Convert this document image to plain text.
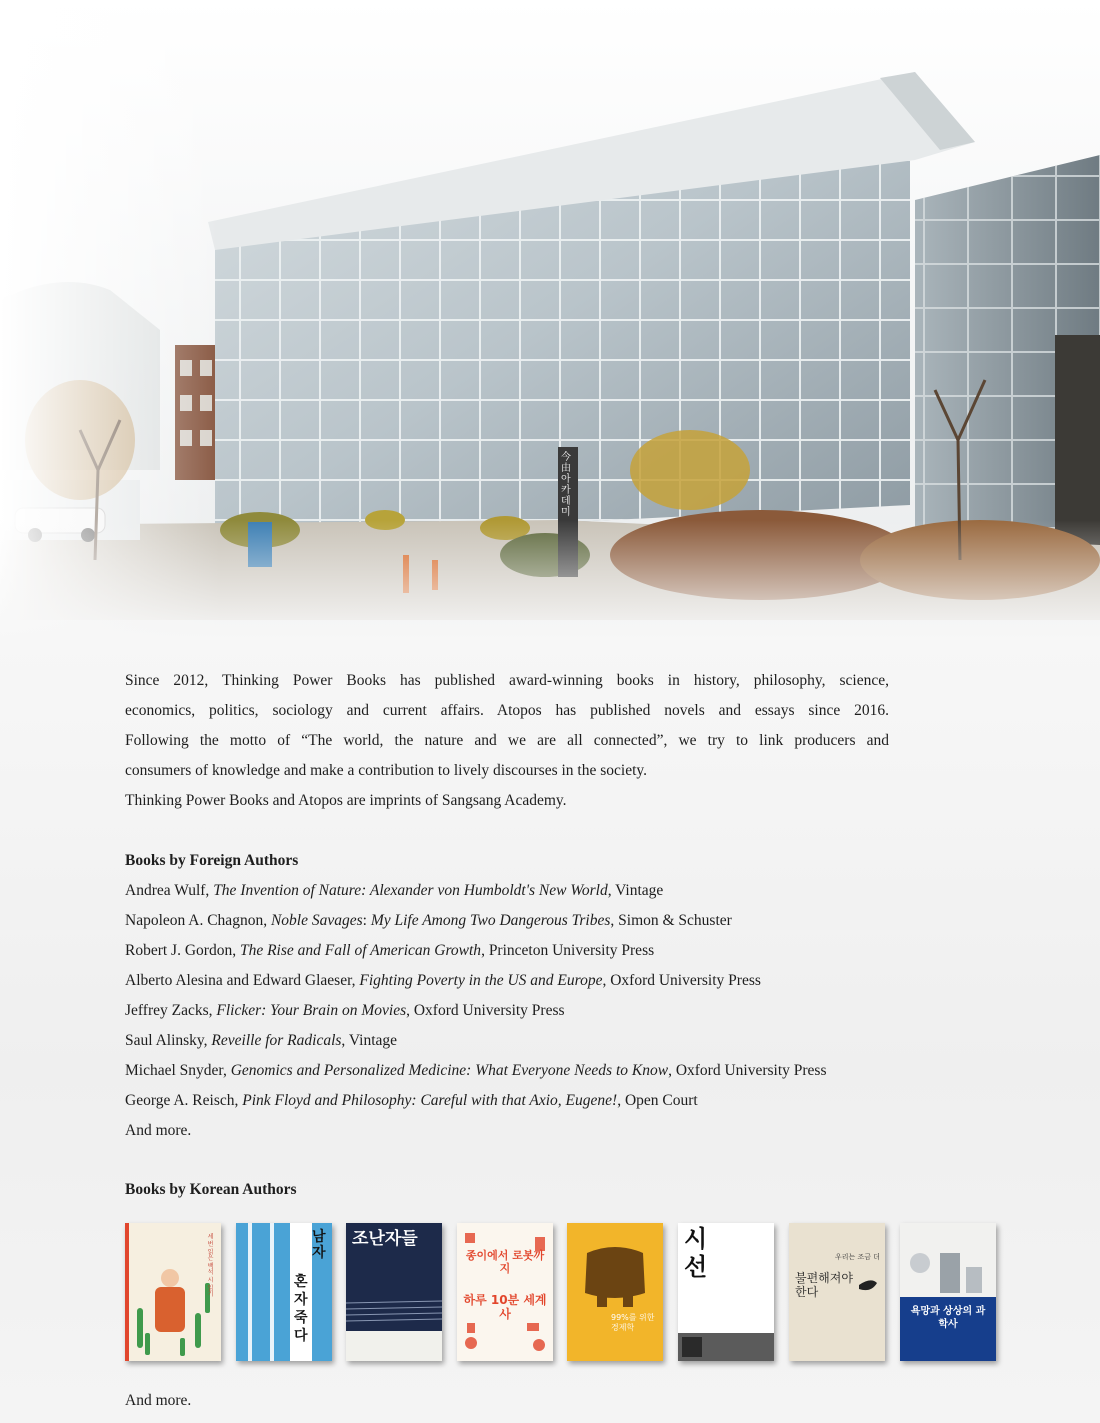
今由아카데미

Since 2012, Thinking Power Books has published award-winning books in history, philosophy, science,

economics, politics, sociology and current affairs. Atopos has published novels and essays since 2016.

Following the motto of “The world, the nature and we are all connected”, we try to link producers and

consumers of knowledge and make a contribution to lively discourses in the society.

Thinking Power Books and Atopos are imprints of Sangsang Academy.

Books by Foreign Authors
Andrea Wulf, The Invention of Nature: Alexander von Humboldt's New World, Vintage
Napoleon A. Chagnon, Noble Savages: My Life Among Two Dangerous Tribes, Simon & Schuster
Robert J. Gordon, The Rise and Fall of American Growth, Princeton University Press
Alberto Alesina and Edward Glaeser, Fighting Poverty in the US and Europe, Oxford University Press
Jeffrey Zacks, Flicker: Your Brain on Movies, Oxford University Press
Saul Alinsky, Reveille for Radicals, Vintage
Michael Snyder, Genomics and Personalized Medicine: What Everyone Needs to Know, Oxford University Press
George A. Reisch, Pink Floyd and Philosophy: Careful with that Axio, Eugene!, Open Court

And more.

Books by Korean Authors
세 번 읽은 백석 시 읽기	남자
혼자 죽다
조난자들
종이에서 로봇까지
하루 10분 세계사	99%를 위한 경제학
시 선	우리는 조금 더
불편해져야 한다
욕망과 상상의 과학사

And more.
